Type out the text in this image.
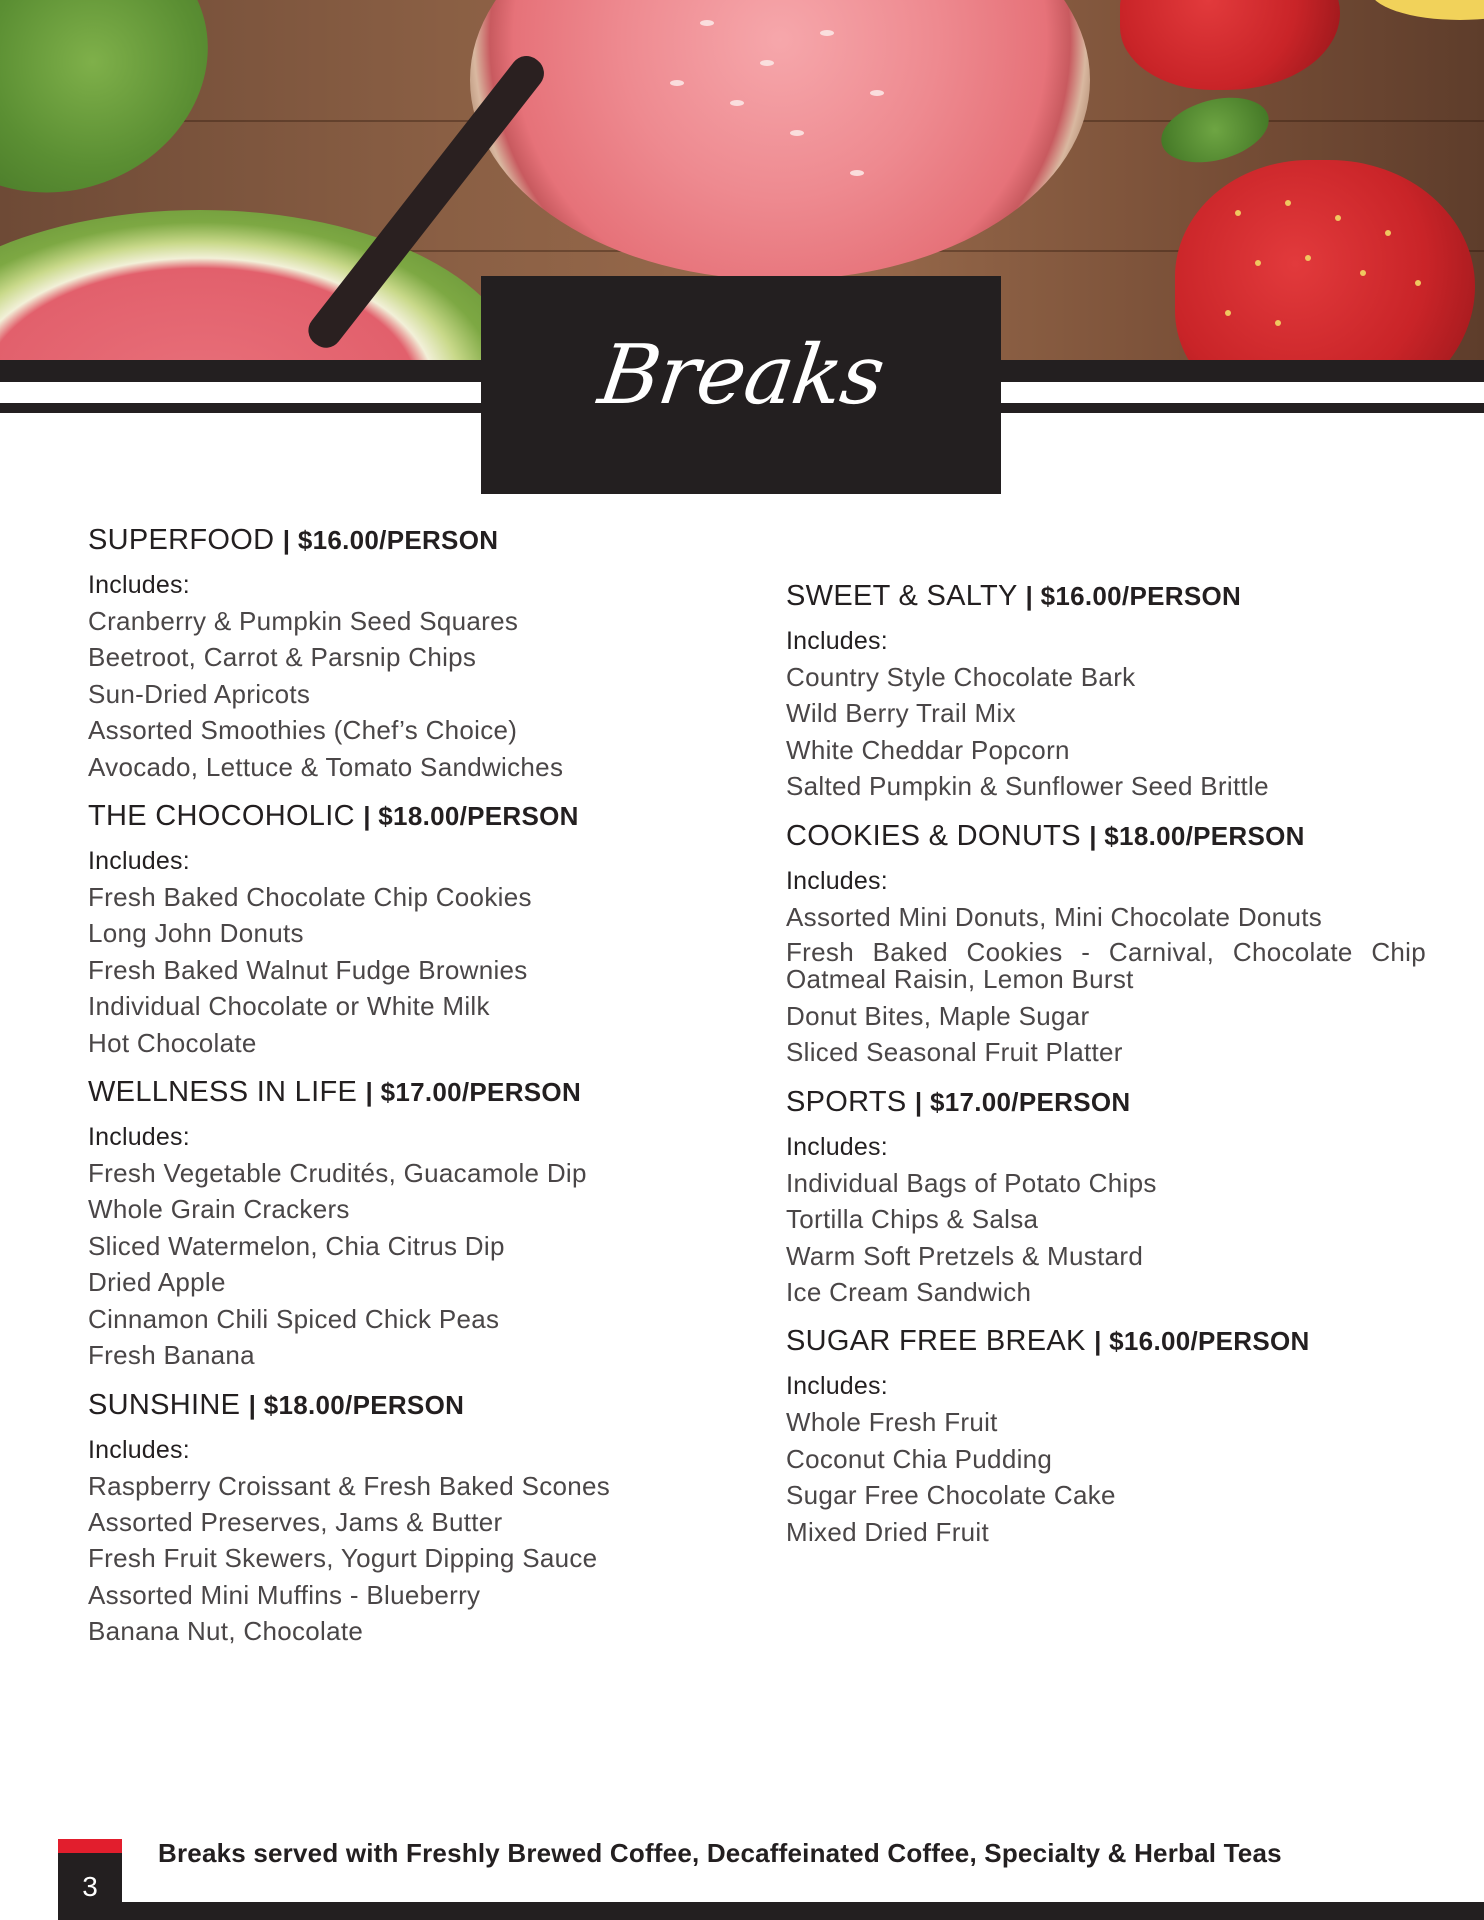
Breaks
SUPERFOOD | $16.00/PERSON
Includes:
Cranberry & Pumpkin Seed Squares
Beetroot, Carrot & Parsnip Chips
Sun-Dried Apricots
Assorted Smoothies (Chef’s Choice)
Avocado, Lettuce & Tomato Sandwiches
THE CHOCOHOLIC | $18.00/PERSON
Includes:
Fresh Baked Chocolate Chip Cookies
Long John Donuts
Fresh Baked Walnut Fudge Brownies
Individual Chocolate or White Milk
Hot Chocolate
WELLNESS IN LIFE | $17.00/PERSON
Includes:
Fresh Vegetable Crudités, Guacamole Dip
Whole Grain Crackers
Sliced Watermelon, Chia Citrus Dip
Dried Apple
Cinnamon Chili Spiced Chick Peas
Fresh Banana
SUNSHINE | $18.00/PERSON
Includes:
Raspberry Croissant & Fresh Baked Scones
Assorted Preserves, Jams & Butter
Fresh Fruit Skewers, Yogurt Dipping Sauce
Assorted Mini Muffins - Blueberry
Banana Nut, Chocolate
SWEET & SALTY | $16.00/PERSON
Includes:
Country Style Chocolate Bark
Wild Berry Trail Mix
White Cheddar Popcorn
Salted Pumpkin & Sunflower Seed Brittle
COOKIES & DONUTS | $18.00/PERSON
Includes:
Assorted Mini Donuts, Mini Chocolate Donuts
Fresh Baked Cookies - Carnival, Chocolate Chip Oatmeal Raisin, Lemon Burst
Donut Bites, Maple Sugar
Sliced Seasonal Fruit Platter
SPORTS | $17.00/PERSON
Includes:
Individual Bags of Potato Chips
Tortilla Chips & Salsa
Warm Soft Pretzels & Mustard
Ice Cream Sandwich
SUGAR FREE BREAK | $16.00/PERSON
Includes:
Whole Fresh Fruit
Coconut Chia Pudding
Sugar Free Chocolate Cake
Mixed Dried Fruit
3
Breaks served with Freshly Brewed Coffee, Decaffeinated Coffee, Specialty & Herbal Teas
